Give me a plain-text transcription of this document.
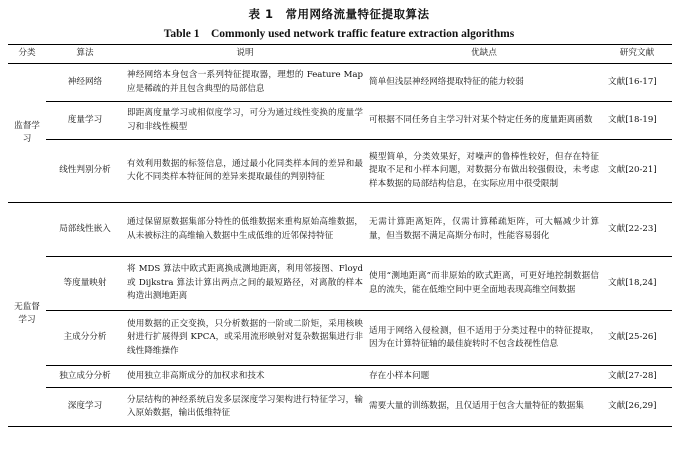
表 1　常用网络流量特征提取算法
Table 1　Commonly used network traffic feature extraction algorithms
分类	算法	说明	优缺点	研究文献
监督学习	神经网络	神经网络本身包含一系列特征提取器，理想的 Feature Map 应是稀疏的并且包含典型的局部信息	简单但浅层神经网络提取特征的能力较弱	文献[16-17]
	度量学习	即距离度量学习或相似度学习，可分为通过线性变换的度量学习和非线性模型	可根据不同任务自主学习针对某个特定任务的度量距离函数	文献[18-19]
	线性判别分析	有效利用数据的标签信息，通过最小化同类样本间的差异和最大化不同类样本特征间的差异来提取最佳的判别特征	模型简单，分类效果好，对噪声的鲁棒性较好，但存在特征提取不足和小样本问题，对数据分布做出较强假设，未考虑样本数据的局部结构信息，在实际应用中很受限制	文献[20-21]
无监督学习	局部线性嵌入	通过保留原数据集部分特性的低维数据来重构原始高维数据，从未被标注的高维输入数据中生成低维的近邻保持特征	无需计算距离矩阵，仅需计算稀疏矩阵，可大幅减少计算量，但当数据不满足高斯分布时，性能容易弱化	文献[22-23]
	等度量映射	将 MDS 算法中欧式距离换成测地距离，利用邻接图、Floyd 或 Dijkstra 算法计算出两点之间的最短路径，对离散的样本构造出测地距离	使用“测地距离”而非原始的欧式距离，可更好地控制数据信息的流失，能在低维空间中更全面地表现高维空间数据	文献[18,24]
	主成分分析	使用数据的正交变换，只分析数据的一阶或二阶矩，采用核映射进行扩展得到 KPCA，或采用流形映射对复杂数据集进行非线性降维操作	适用于网络入侵检测，但不适用于分类过程中的特征提取，因为在计算特征轴的最佳旋转时不包含歧视性信息	文献[25-26]
	独立成分分析	使用独立非高斯成分的加权求和技术	存在小样本问题	文献[27-28]
	深度学习	分层结构的神经系统启发多层深度学习架构进行特征学习，输入原始数据，输出低维特征	需要大量的训练数据，且仅适用于包含大量特征的数据集	文献[26,29]
